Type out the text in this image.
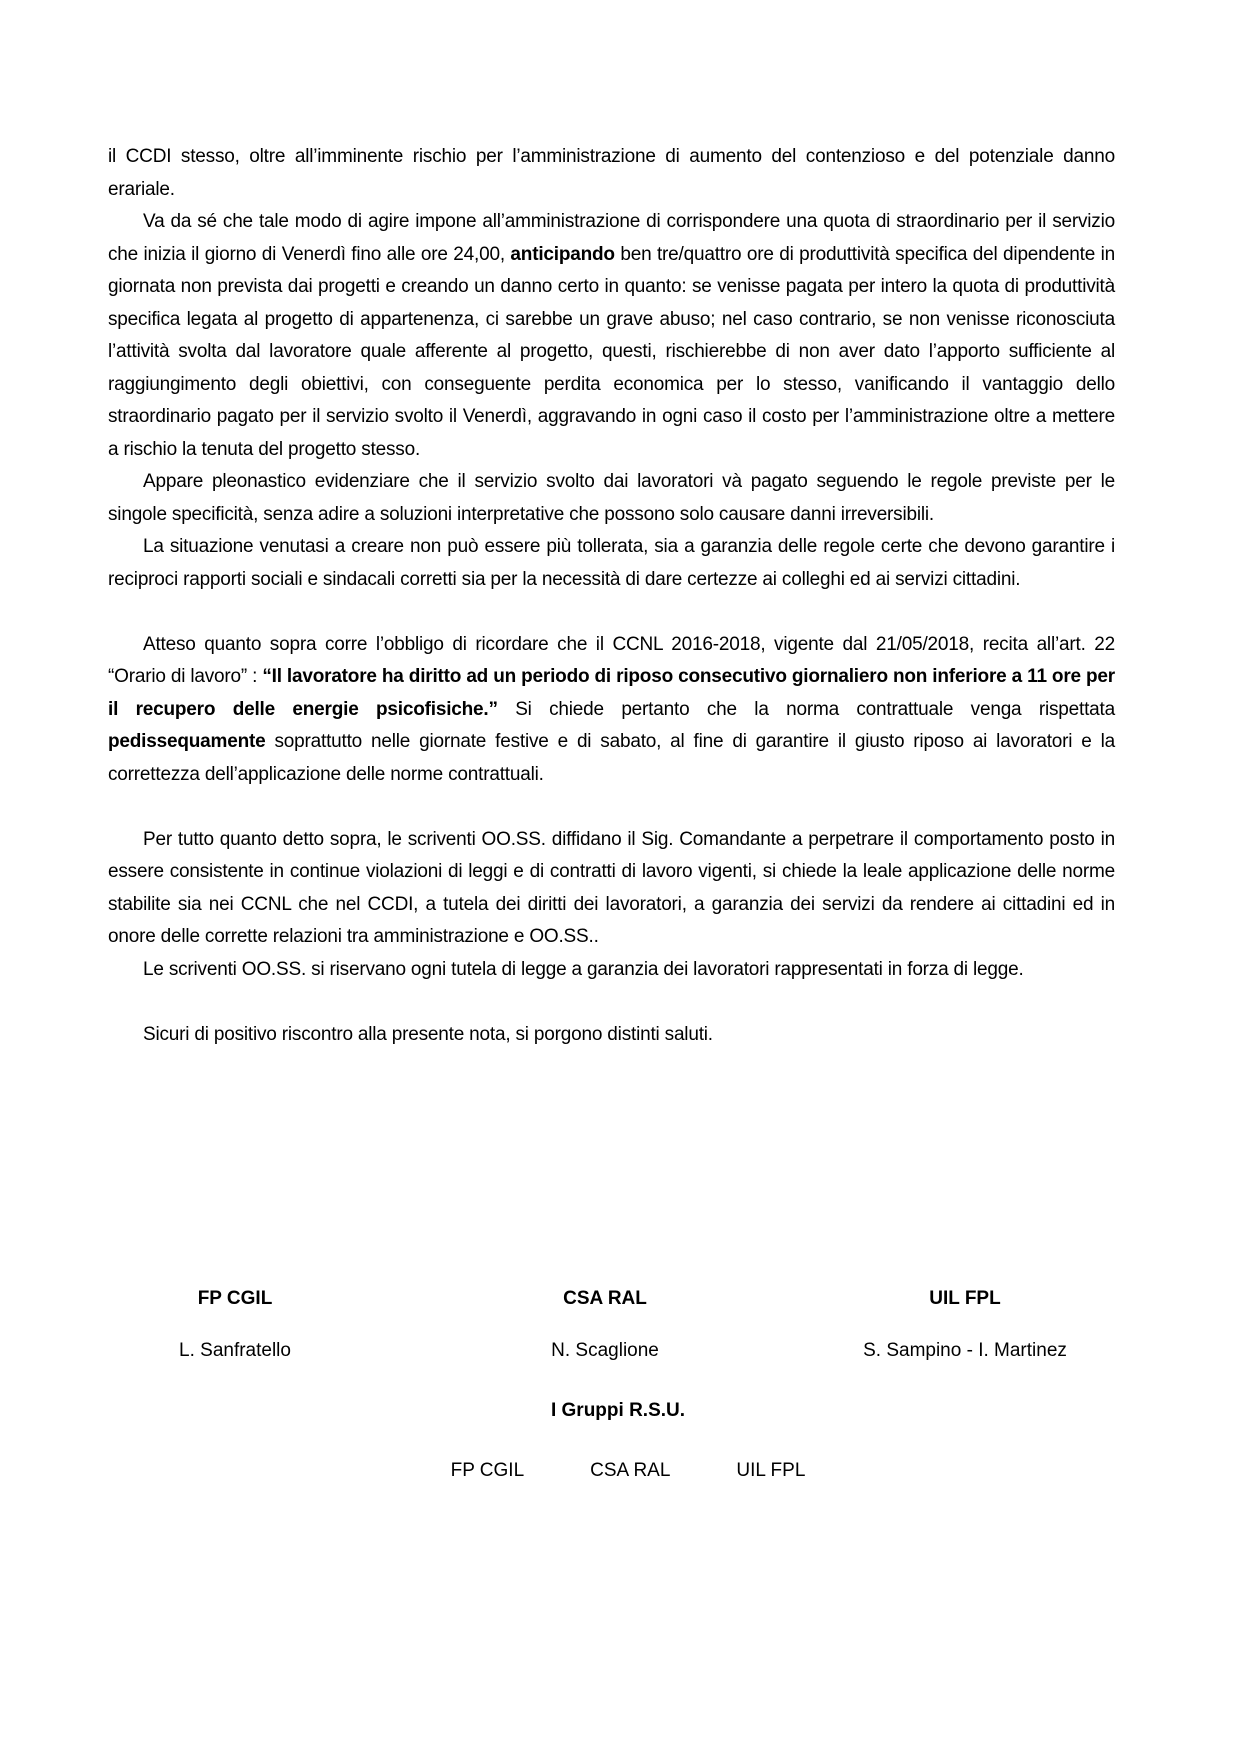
il CCDI stesso, oltre all’imminente rischio per l’amministrazione di aumento del contenzioso e del potenziale danno erariale.

Va da sé che tale modo di agire impone all’amministrazione di corrispondere una quota di straordinario per il servizio che inizia il giorno di Venerdì fino alle ore 24,00, anticipando ben tre/quattro ore di produttività specifica del dipendente in giornata non prevista dai progetti e creando un danno certo in quanto: se venisse pagata per intero la quota di produttività specifica legata al progetto di appartenenza, ci sarebbe un grave abuso; nel caso contrario, se non venisse riconosciuta l’attività svolta dal lavoratore quale afferente al progetto, questi, rischierebbe di non aver dato l’apporto sufficiente al raggiungimento degli obiettivi, con conseguente perdita economica per lo stesso, vanificando il vantaggio dello straordinario pagato per il servizio svolto il Venerdì, aggravando in ogni caso il costo per l’amministrazione oltre a mettere a rischio la tenuta del progetto stesso.

Appare pleonastico evidenziare che il servizio svolto dai lavoratori và pagato seguendo le regole previste per le singole specificità, senza adire a soluzioni interpretative che possono solo causare danni irreversibili.

La situazione venutasi a creare non può essere più tollerata, sia a garanzia delle regole certe che devono garantire i reciproci rapporti sociali e sindacali corretti sia per la necessità di dare certezze ai colleghi ed ai servizi cittadini.

Atteso quanto sopra corre l’obbligo di ricordare che il CCNL 2016-2018, vigente dal 21/05/2018, recita all’art. 22 “Orario di lavoro” : “Il lavoratore ha diritto ad un periodo di riposo consecutivo giornaliero non inferiore a 11 ore per il recupero delle energie psicofisiche.” Si chiede pertanto che la norma contrattuale venga rispettata pedissequamente soprattutto nelle giornate festive e di sabato, al fine di garantire il giusto riposo ai lavoratori e la correttezza dell’applicazione delle norme contrattuali.

Per tutto quanto detto sopra, le scriventi OO.SS. diffidano il Sig. Comandante a perpetrare il comportamento posto in essere consistente in continue violazioni di leggi e di contratti di lavoro vigenti, si chiede la leale applicazione delle norme stabilite sia nei CCNL che nel CCDI, a tutela dei diritti dei lavoratori, a garanzia dei servizi da rendere ai cittadini ed in onore delle corrette relazioni tra amministrazione e OO.SS..

Le scriventi OO.SS. si riservano ogni tutela di legge a garanzia dei lavoratori rappresentati in forza di legge.

Sicuri di positivo riscontro alla presente nota, si porgono distinti saluti.

FP CGIL	CSA RAL	UIL FPL
L. Sanfratello	N. Scaglione	S. Sampino - I. Martinez
I Gruppi R.S.U.
FP CGIL	CSA RAL	UIL FPL
